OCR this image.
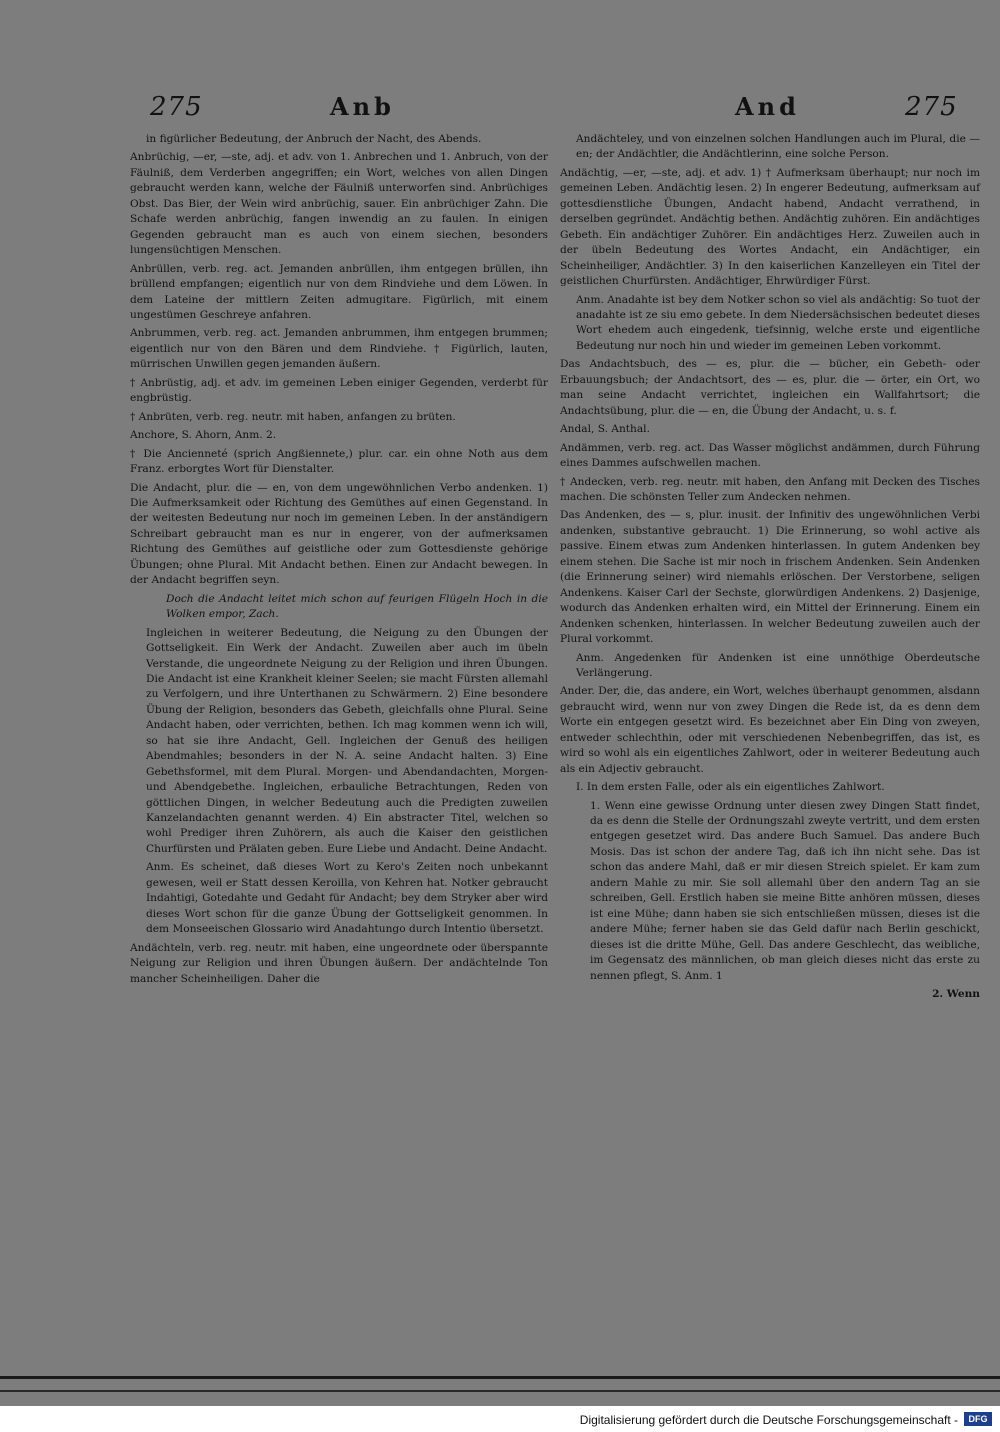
275	Anb	And	275

in figürlicher Bedeutung, der Anbruch der Nacht, des Abends.

Anbrüchig, —er, —ste, adj. et adv. von 1. Anbrechen und 1. Anbruch, von der Fäulniß, dem Verderben angegriffen; ein Wort, welches von allen Dingen gebraucht werden kann, welche der Fäulniß unterworfen sind. Anbrüchiges Obst. Das Bier, der Wein wird anbrüchig, sauer. Ein anbrüchiger Zahn. Die Schafe werden anbrüchig, fangen inwendig an zu faulen. In einigen Gegenden gebraucht man es auch von einem siechen, besonders lungensüchtigen Menschen.

Anbrüllen, verb. reg. act. Jemanden anbrüllen, ihm entgegen brüllen, ihn brüllend empfangen; eigentlich nur von dem Rindviehe und dem Löwen. In dem Lateine der mittlern Zeiten admugitare. Figürlich, mit einem ungestümen Geschreye anfahren.

Anbrummen, verb. reg. act. Jemanden anbrummen, ihm entgegen brummen; eigentlich nur von den Bären und dem Rindviehe. † Figürlich, lauten, mürrischen Unwillen gegen jemanden äußern.

† Anbrüstig, adj. et adv. im gemeinen Leben einiger Gegenden, verderbt für engbrüstig.

† Anbrüten, verb. reg. neutr. mit haben, anfangen zu brüten.

Anchore, S. Ahorn, Anm. 2.

† Die Ancienneté (sprich Angßiennete,) plur. car. ein ohne Noth aus dem Franz. erborgtes Wort für Dienstalter.

Die Andacht, plur. die — en, von dem ungewöhnlichen Verbo andenken. 1) Die Aufmerksamkeit oder Richtung des Gemüthes auf einen Gegenstand. In der weitesten Bedeutung nur noch im gemeinen Leben. In der anständigern Schreibart gebraucht man es nur in engerer, von der aufmerksamen Richtung des Gemüthes auf geistliche oder zum Gottesdienste gehörige Übungen; ohne Plural. Mit Andacht bethen. Einen zur Andacht bewegen. In der Andacht begriffen seyn.

Doch die Andacht leitet mich schon auf feurigen Flügeln Hoch in die Wolken empor, Zach.

Ingleichen in weiterer Bedeutung, die Neigung zu den Übungen der Gottseligkeit. Ein Werk der Andacht. Zuweilen aber auch im übeln Verstande, die ungeordnete Neigung zu der Religion und ihren Übungen. Die Andacht ist eine Krankheit kleiner Seelen; sie macht Fürsten allemahl zu Verfolgern, und ihre Unterthanen zu Schwärmern. 2) Eine besondere Übung der Religion, besonders das Gebeth, gleichfalls ohne Plural. Seine Andacht haben, oder verrichten, bethen. Ich mag kommen wenn ich will, so hat sie ihre Andacht, Gell. Ingleichen der Genuß des heiligen Abendmahles; besonders in der N. A. seine Andacht halten. 3) Eine Gebethsformel, mit dem Plural. Morgen- und Abendandachten, Morgen- und Abendgebethe. Ingleichen, erbauliche Betrachtungen, Reden von göttlichen Dingen, in welcher Bedeutung auch die Predigten zuweilen Kanzelandachten genannt werden. 4) Ein abstracter Titel, welchen so wohl Prediger ihren Zuhörern, als auch die Kaiser den geistlichen Churfürsten und Prälaten geben. Eure Liebe und Andacht. Deine Andacht.

Anm. Es scheinet, daß dieses Wort zu Kero's Zeiten noch unbekannt gewesen, weil er Statt dessen Keroilla, von Kehren hat. Notker gebraucht Indahtigi, Gotedahte und Gedaht für Andacht; bey dem Stryker aber wird dieses Wort schon für die ganze Übung der Gottseligkeit genommen. In dem Monseeischen Glossario wird Anadahtungo durch Intentio übersetzt.

Andächteln, verb. reg. neutr. mit haben, eine ungeordnete oder überspannte Neigung zur Religion und ihren Übungen äußern. Der andächtelnde Ton mancher Scheinheiligen. Daher die

Andächteley, und von einzelnen solchen Handlungen auch im Plural, die — en; der Andächtler, die Andächtlerinn, eine solche Person.

Andächtig, —er, —ste, adj. et adv. 1) † Aufmerksam überhaupt; nur noch im gemeinen Leben. Andächtig lesen. 2) In engerer Bedeutung, aufmerksam auf gottesdienstliche Übungen, Andacht habend, Andacht verrathend, in derselben gegründet. Andächtig bethen. Andächtig zuhören. Ein andächtiges Gebeth. Ein andächtiger Zuhörer. Ein andächtiges Herz. Zuweilen auch in der übeln Bedeutung des Wortes Andacht, ein Andächtiger, ein Scheinheiliger, Andächtler. 3) In den kaiserlichen Kanzelleyen ein Titel der geistlichen Churfürsten. Andächtiger, Ehrwürdiger Fürst.

Anm. Anadahte ist bey dem Notker schon so viel als andächtig: So tuot der anadahte ist ze siu emo gebete. In dem Niedersächsischen bedeutet dieses Wort ehedem auch eingedenk, tiefsinnig, welche erste und eigentliche Bedeutung nur noch hin und wieder im gemeinen Leben vorkommt.

Das Andachtsbuch, des — es, plur. die — bücher, ein Gebeth- oder Erbauungsbuch; der Andachtsort, des — es, plur. die — örter, ein Ort, wo man seine Andacht verrichtet, ingleichen ein Wallfahrtsort; die Andachtsübung, plur. die — en, die Übung der Andacht, u. s. f.

Andal, S. Anthal.

Andämmen, verb. reg. act. Das Wasser möglichst andämmen, durch Führung eines Dammes aufschwellen machen.

† Andecken, verb. reg. neutr. mit haben, den Anfang mit Decken des Tisches machen. Die schönsten Teller zum Andecken nehmen.

Das Andenken, des — s, plur. inusit. der Infinitiv des ungewöhnlichen Verbi andenken, substantive gebraucht. 1) Die Erinnerung, so wohl active als passive. Einem etwas zum Andenken hinterlassen. In gutem Andenken bey einem stehen. Die Sache ist mir noch in frischem Andenken. Sein Andenken (die Erinnerung seiner) wird niemahls erlöschen. Der Verstorbene, seligen Andenkens. Kaiser Carl der Sechste, glorwürdigen Andenkens. 2) Dasjenige, wodurch das Andenken erhalten wird, ein Mittel der Erinnerung. Einem ein Andenken schenken, hinterlassen. In welcher Bedeutung zuweilen auch der Plural vorkommt.

Anm. Angedenken für Andenken ist eine unnöthige Oberdeutsche Verlängerung.

Ander. Der, die, das andere, ein Wort, welches überhaupt genommen, alsdann gebraucht wird, wenn nur von zwey Dingen die Rede ist, da es denn dem Worte ein entgegen gesetzt wird. Es bezeichnet aber Ein Ding von zweyen, entweder schlechthin, oder mit verschiedenen Nebenbegriffen, das ist, es wird so wohl als ein eigentliches Zahlwort, oder in weiterer Bedeutung auch als ein Adjectiv gebraucht.

I. In dem ersten Falle, oder als ein eigentliches Zahlwort.

1. Wenn eine gewisse Ordnung unter diesen zwey Dingen Statt findet, da es denn die Stelle der Ordnungszahl zweyte vertritt, und dem ersten entgegen gesetzet wird. Das andere Buch Samuel. Das andere Buch Mosis. Das ist schon der andere Tag, daß ich ihn nicht sehe. Das ist schon das andere Mahl, daß er mir diesen Streich spielet. Er kam zum andern Mahle zu mir. Sie soll allemahl über den andern Tag an sie schreiben, Gell. Erstlich haben sie meine Bitte anhören müssen, dieses ist eine Mühe; dann haben sie sich entschließen müssen, dieses ist die andere Mühe; ferner haben sie das Geld dafür nach Berlin geschickt, dieses ist die dritte Mühe, Gell. Das andere Geschlecht, das weibliche, im Gegensatz des männlichen, ob man gleich dieses nicht das erste zu nennen pflegt, S. Anm. 1

2. Wenn

Digitalisierung gefördert durch die Deutsche Forschungsgemeinschaft -	DFG
